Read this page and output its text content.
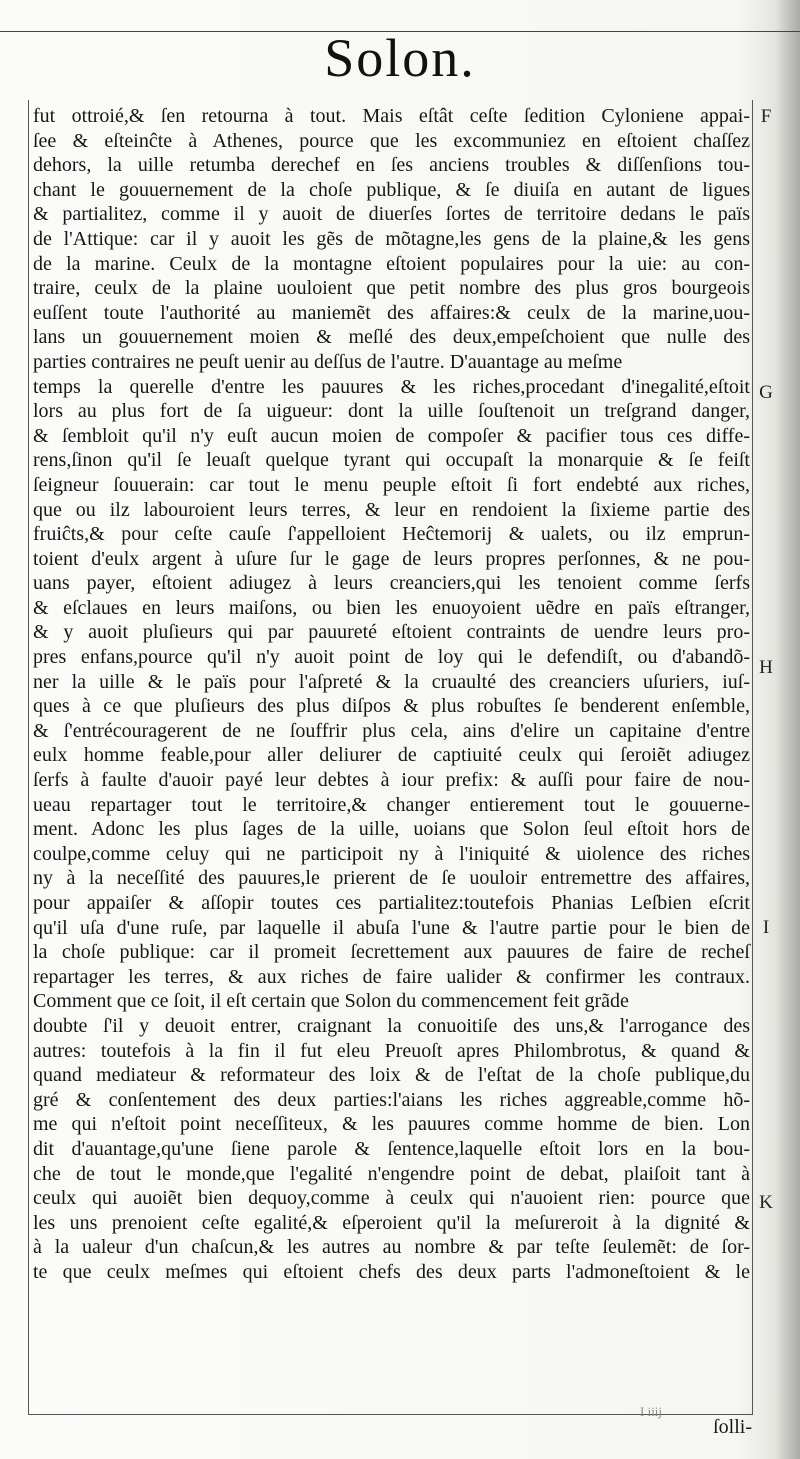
Solon.
fut ottroié,& ſen retourna à tout. Mais eſtât ceſte ſedition Cyloniene appai-
ſee & eſteinĉte à Athenes, pource que les excommuniez en eſtoient chaſſez
dehors, la uille retumba derechef en ſes anciens troubles & diſſenſions tou-
chant le gouuernement de la choſe publique, & ſe diuiſa en autant de ligues
& partialitez, comme il y auoit de diuerſes ſortes de territoire dedans le païs
de l'Attique: car il y auoit les gẽs de mõtagne,les gens de la plaine,& les gens
de la marine. Ceulx de la montagne eſtoient populaires pour la uie: au con-
traire, ceulx de la plaine uouloient que petit nombre des plus gros bourgeois
euſſent toute l'authorité au maniemẽt des affaires:& ceulx de la marine,uou-
lans un gouuernement moien & meſlé des deux,empeſchoient que nulle des
parties contraires ne peuſt uenir au deſſus de l'autre. D'auantage au meſme
temps la querelle d'entre les pauures & les riches,procedant d'inegalité,eſtoit
lors au plus fort de ſa uigueur: dont la uille ſouſtenoit un treſgrand danger,
& ſembloit qu'il n'y euſt aucun moien de compoſer & pacifier tous ces diffe-
rens,ſinon qu'il ſe leuaſt quelque tyrant qui occupaſt la monarquie & ſe feiſt
ſeigneur ſouuerain: car tout le menu peuple eſtoit ſi fort endebté aux riches,
que ou ilz labouroient leurs terres, & leur en rendoient la ſixieme partie des
fruiĉts,& pour ceſte cauſe ſ'appelloient Heĉtemorij & ualets, ou ilz emprun-
toient d'eulx argent à uſure ſur le gage de leurs propres perſonnes, & ne pou-
uans payer, eſtoient adiugez à leurs creanciers,qui les tenoient comme ſerfs
& eſclaues en leurs maiſons, ou bien les enuoyoient uẽdre en païs eſtranger,
& y auoit pluſieurs qui par pauureté eſtoient contraints de uendre leurs pro-
pres enfans,pource qu'il n'y auoit point de loy qui le defendiſt, ou d'abandõ-
ner la uille & le païs pour l'aſpreté & la cruaulté des creanciers uſuriers, iuſ-
ques à ce que pluſieurs des plus diſpos & plus robuſtes ſe benderent enſemble,
& ſ'entrécouragerent de ne ſouffrir plus cela, ains d'elire un capitaine d'entre
eulx homme feable,pour aller deliurer de captiuité ceulx qui ſeroiẽt adiugez
ſerfs à faulte d'auoir payé leur debtes à iour prefix: & auſſi pour faire de nou-
ueau repartager tout le territoire,& changer entierement tout le gouuerne-
ment. Adonc les plus ſages de la uille, uoians que Solon ſeul eſtoit hors de
coulpe,comme celuy qui ne participoit ny à l'iniquité & uiolence des riches
ny à la neceſſité des pauures,le prierent de ſe uouloir entremettre des affaires,
pour appaiſer & aſſopir toutes ces partialitez:toutefois Phanias Leſbien eſcrit
qu'il uſa d'une ruſe, par laquelle il abuſa l'une & l'autre partie pour le bien de
la choſe publique: car il promeit ſecrettement aux pauures de faire de recheſ
repartager les terres, & aux riches de faire ualider & confirmer les contraux.
Comment que ce ſoit, il eſt certain que Solon du commencement feit grãde
doubte ſ'il y deuoit entrer, craignant la conuoitiſe des uns,& l'arrogance des
autres: toutefois à la fin il fut eleu Preuoſt apres Philombrotus, & quand &
quand mediateur & reformateur des loix & de l'eſtat de la choſe publique,du
gré & conſentement des deux parties:l'aians les riches aggreable,comme hõ-
me qui n'eſtoit point neceſſiteux, & les pauures comme homme de bien. Lon
dit d'auantage,qu'une ſiene parole & ſentence,laquelle eſtoit lors en la bou-
che de tout le monde,que l'egalité n'engendre point de debat, plaiſoit tant à
ceulx qui auoiẽt bien dequoy,comme à ceulx qui n'auoient rien: pource que
les uns prenoient ceſte egalité,& eſperoient qu'il la meſureroit à la dignité &
à la ualeur d'un chaſcun,& les autres au nombre & par teſte ſeulemẽt: de ſor-
te que ceulx meſmes qui eſtoient chefs des deux parts l'admoneſtoient & le
F
G
H
I
K
I iiij
ſolli-
